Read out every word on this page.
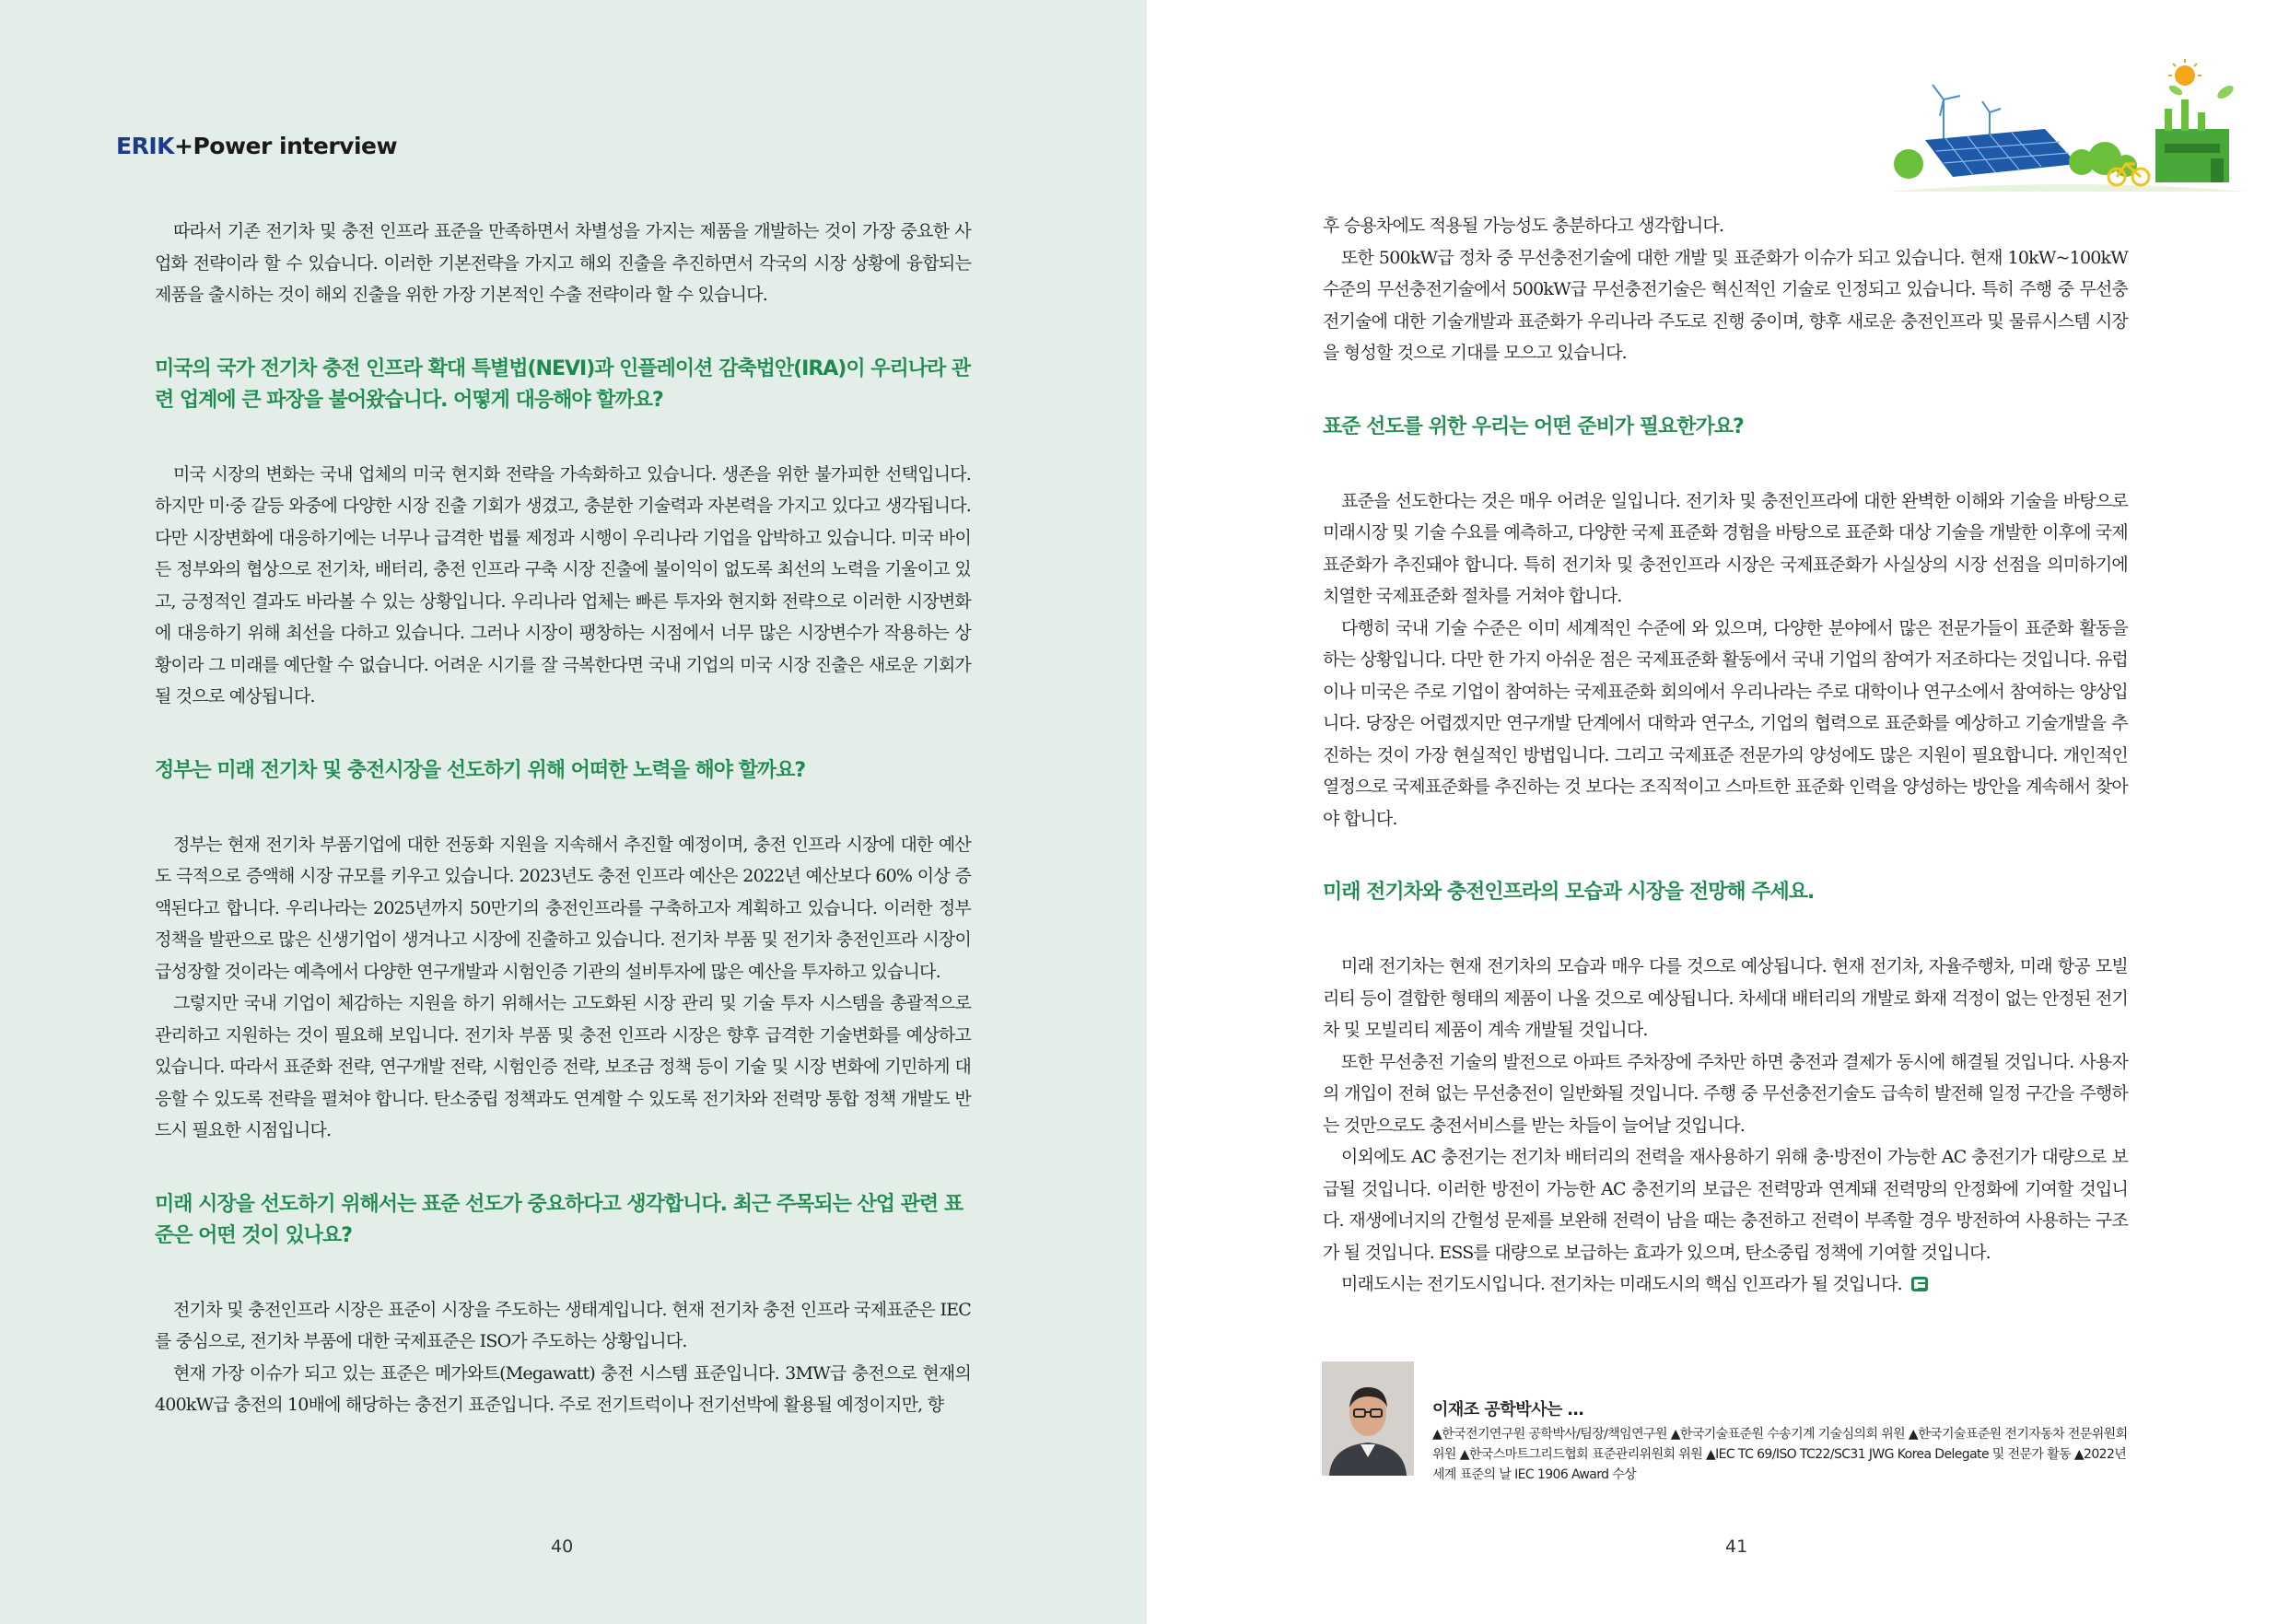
ERIK+Power interview

따라서 기존 전기차 및 충전 인프라 표준을 만족하면서 차별성을 가지는 제품을 개발하는 것이 가장 중요한 사업화 전략이라 할 수 있습니다. 이러한 기본전략을 가지고 해외 진출을 추진하면서 각국의 시장 상황에 융합되는 제품을 출시하는 것이 해외 진출을 위한 가장 기본적인 수출 전략이라 할 수 있습니다.

미국의 국가 전기차 충전 인프라 확대 특별법(NEVI)과 인플레이션 감축법안(IRA)이 우리나라 관련 업계에 큰 파장을 불어왔습니다. 어떻게 대응해야 할까요?

미국 시장의 변화는 국내 업체의 미국 현지화 전략을 가속화하고 있습니다. 생존을 위한 불가피한 선택입니다. 하지만 미·중 갈등 와중에 다양한 시장 진출 기회가 생겼고, 충분한 기술력과 자본력을 가지고 있다고 생각됩니다. 다만 시장변화에 대응하기에는 너무나 급격한 법률 제정과 시행이 우리나라 기업을 압박하고 있습니다. 미국 바이든 정부와의 협상으로 전기차, 배터리, 충전 인프라 구축 시장 진출에 불이익이 없도록 최선의 노력을 기울이고 있고, 긍정적인 결과도 바라볼 수 있는 상황입니다. 우리나라 업체는 빠른 투자와 현지화 전략으로 이러한 시장변화에 대응하기 위해 최선을 다하고 있습니다. 그러나 시장이 팽창하는 시점에서 너무 많은 시장변수가 작용하는 상황이라 그 미래를 예단할 수 없습니다. 어려운 시기를 잘 극복한다면 국내 기업의 미국 시장 진출은 새로운 기회가 될 것으로 예상됩니다.

정부는 미래 전기차 및 충전시장을 선도하기 위해 어떠한 노력을 해야 할까요?

정부는 현재 전기차 부품기업에 대한 전동화 지원을 지속해서 추진할 예정이며, 충전 인프라 시장에 대한 예산도 극적으로 증액해 시장 규모를 키우고 있습니다. 2023년도 충전 인프라 예산은 2022년 예산보다 60% 이상 증액된다고 합니다. 우리나라는 2025년까지 50만기의 충전인프라를 구축하고자 계획하고 있습니다. 이러한 정부 정책을 발판으로 많은 신생기업이 생겨나고 시장에 진출하고 있습니다. 전기차 부품 및 전기차 충전인프라 시장이 급성장할 것이라는 예측에서 다양한 연구개발과 시험인증 기관의 설비투자에 많은 예산을 투자하고 있습니다.

그렇지만 국내 기업이 체감하는 지원을 하기 위해서는 고도화된 시장 관리 및 기술 투자 시스템을 총괄적으로 관리하고 지원하는 것이 필요해 보입니다. 전기차 부품 및 충전 인프라 시장은 향후 급격한 기술변화를 예상하고 있습니다. 따라서 표준화 전략, 연구개발 전략, 시험인증 전략, 보조금 정책 등이 기술 및 시장 변화에 기민하게 대응할 수 있도록 전략을 펼쳐야 합니다. 탄소중립 정책과도 연계할 수 있도록 전기차와 전력망 통합 정책 개발도 반드시 필요한 시점입니다.

미래 시장을 선도하기 위해서는 표준 선도가 중요하다고 생각합니다. 최근 주목되는 산업 관련 표준은 어떤 것이 있나요?

전기차 및 충전인프라 시장은 표준이 시장을 주도하는 생태계입니다. 현재 전기차 충전 인프라 국제표준은 IEC를 중심으로, 전기차 부품에 대한 국제표준은 ISO가 주도하는 상황입니다.

현재 가장 이슈가 되고 있는 표준은 메가와트(Megawatt) 충전 시스템 표준입니다. 3MW급 충전으로 현재의 400kW급 충전의 10배에 해당하는 충전기 표준입니다. 주로 전기트럭이나 전기선박에 활용될 예정이지만, 향

40

후 승용차에도 적용될 가능성도 충분하다고 생각합니다.

또한 500kW급 정차 중 무선충전기술에 대한 개발 및 표준화가 이슈가 되고 있습니다. 현재 10kW~100kW 수준의 무선충전기술에서 500kW급 무선충전기술은 혁신적인 기술로 인정되고 있습니다. 특히 주행 중 무선충전기술에 대한 기술개발과 표준화가 우리나라 주도로 진행 중이며, 향후 새로운 충전인프라 및 물류시스템 시장을 형성할 것으로 기대를 모으고 있습니다.

표준 선도를 위한 우리는 어떤 준비가 필요한가요?

표준을 선도한다는 것은 매우 어려운 일입니다. 전기차 및 충전인프라에 대한 완벽한 이해와 기술을 바탕으로 미래시장 및 기술 수요를 예측하고, 다양한 국제 표준화 경험을 바탕으로 표준화 대상 기술을 개발한 이후에 국제표준화가 추진돼야 합니다. 특히 전기차 및 충전인프라 시장은 국제표준화가 사실상의 시장 선점을 의미하기에 치열한 국제표준화 절차를 거쳐야 합니다.

다행히 국내 기술 수준은 이미 세계적인 수준에 와 있으며, 다양한 분야에서 많은 전문가들이 표준화 활동을 하는 상황입니다. 다만 한 가지 아쉬운 점은 국제표준화 활동에서 국내 기업의 참여가 저조하다는 것입니다. 유럽이나 미국은 주로 기업이 참여하는 국제표준화 회의에서 우리나라는 주로 대학이나 연구소에서 참여하는 양상입니다. 당장은 어렵겠지만 연구개발 단계에서 대학과 연구소, 기업의 협력으로 표준화를 예상하고 기술개발을 추진하는 것이 가장 현실적인 방법입니다. 그리고 국제표준 전문가의 양성에도 많은 지원이 필요합니다. 개인적인 열정으로 국제표준화를 추진하는 것 보다는 조직적이고 스마트한 표준화 인력을 양성하는 방안을 계속해서 찾아야 합니다.

미래 전기차와 충전인프라의 모습과 시장을 전망해 주세요.

미래 전기차는 현재 전기차의 모습과 매우 다를 것으로 예상됩니다. 현재 전기차, 자율주행차, 미래 항공 모빌리티 등이 결합한 형태의 제품이 나올 것으로 예상됩니다. 차세대 배터리의 개발로 화재 걱정이 없는 안정된 전기차 및 모빌리티 제품이 계속 개발될 것입니다.

또한 무선충전 기술의 발전으로 아파트 주차장에 주차만 하면 충전과 결제가 동시에 해결될 것입니다. 사용자의 개입이 전혀 없는 무선충전이 일반화될 것입니다. 주행 중 무선충전기술도 급속히 발전해 일정 구간을 주행하는 것만으로도 충전서비스를 받는 차들이 늘어날 것입니다.

이외에도 AC 충전기는 전기차 배터리의 전력을 재사용하기 위해 충·방전이 가능한 AC 충전기가 대량으로 보급될 것입니다. 이러한 방전이 가능한 AC 충전기의 보급은 전력망과 연계돼 전력망의 안정화에 기여할 것입니다. 재생에너지의 간헐성 문제를 보완해 전력이 남을 때는 충전하고 전력이 부족할 경우 방전하여 사용하는 구조가 될 것입니다. ESS를 대량으로 보급하는 효과가 있으며, 탄소중립 정책에 기여할 것입니다.

미래도시는 전기도시입니다. 전기차는 미래도시의 핵심 인프라가 될 것입니다.

이재조 공학박사는 …
▲한국전기연구원 공학박사/팀장/책임연구원 ▲한국기술표준원 수송기계 기술심의회 위원 ▲한국기술표준원 전기자동차 전문위원회 위원 ▲한국스마트그리드협회 표준관리위원회 위원 ▲IEC TC 69/ISO TC22/SC31 JWG Korea Delegate 및 전문가 활동 ▲2022년 세계 표준의 날 IEC 1906 Award 수상
41
